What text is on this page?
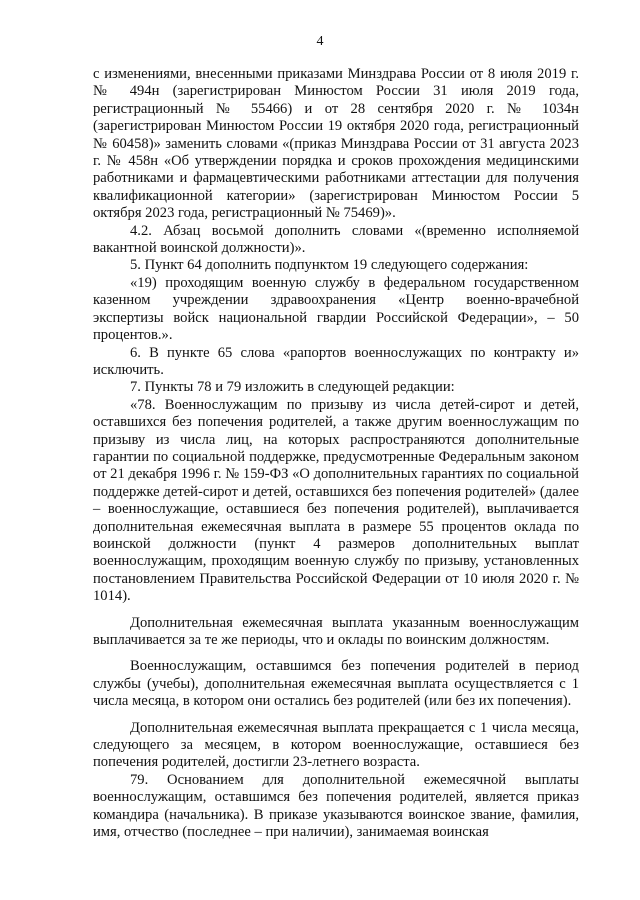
4

с изменениями, внесенными приказами Минздрава России от 8 июля 2019 г. № 494н (зарегистрирован Минюстом России 31 июля 2019 года, регистрационный № 55466) и от 28 сентября 2020 г. № 1034н (зарегистрирован Минюстом России 19 октября 2020 года, регистрационный № 60458)» заменить словами «(приказ Минздрава России от 31 августа 2023 г. № 458н «Об утверждении порядка и сроков прохождения медицинскими работниками и фармацевтическими работниками аттестации для получения квалификационной категории» (зарегистрирован Минюстом России 5 октября 2023 года, регистрационный № 75469)».

4.2. Абзац восьмой дополнить словами «(временно исполняемой вакантной воинской должности)».

5. Пункт 64 дополнить подпунктом 19 следующего содержания:

«19) проходящим военную службу в федеральном государственном казенном учреждении здравоохранения «Центр военно-врачебной экспертизы войск национальной гвардии Российской Федерации», – 50 процентов.».

6. В пункте 65 слова «рапортов военнослужащих по контракту и» исключить.

7. Пункты 78 и 79 изложить в следующей редакции:

«78. Военнослужащим по призыву из числа детей-сирот и детей, оставшихся без попечения родителей, а также другим военнослужащим по призыву из числа лиц, на которых распространяются дополнительные гарантии по социальной поддержке, предусмотренные Федеральным законом от 21 декабря 1996 г. № 159-ФЗ «О дополнительных гарантиях по социальной поддержке детей-сирот и детей, оставшихся без попечения родителей» (далее – военнослужащие, оставшиеся без попечения родителей), выплачивается дополнительная ежемесячная выплата в размере 55 процентов оклада по воинской должности (пункт 4 размеров дополнительных выплат военнослужащим, проходящим военную службу по призыву, установленных постановлением Правительства Российской Федерации от 10 июля 2020 г. № 1014).

Дополнительная ежемесячная выплата указанным военнослужащим выплачивается за те же периоды, что и оклады по воинским должностям.

Военнослужащим, оставшимся без попечения родителей в период службы (учебы), дополнительная ежемесячная выплата осуществляется с 1 числа месяца, в котором они остались без родителей (или без их попечения).

Дополнительная ежемесячная выплата прекращается с 1 числа месяца, следующего за месяцем, в котором военнослужащие, оставшиеся без попечения родителей, достигли 23-летнего возраста.

79. Основанием для дополнительной ежемесячной выплаты военнослужащим, оставшимся без попечения родителей, является приказ командира (начальника). В приказе указываются воинское звание, фамилия, имя, отчество (последнее – при наличии), занимаемая воинская
